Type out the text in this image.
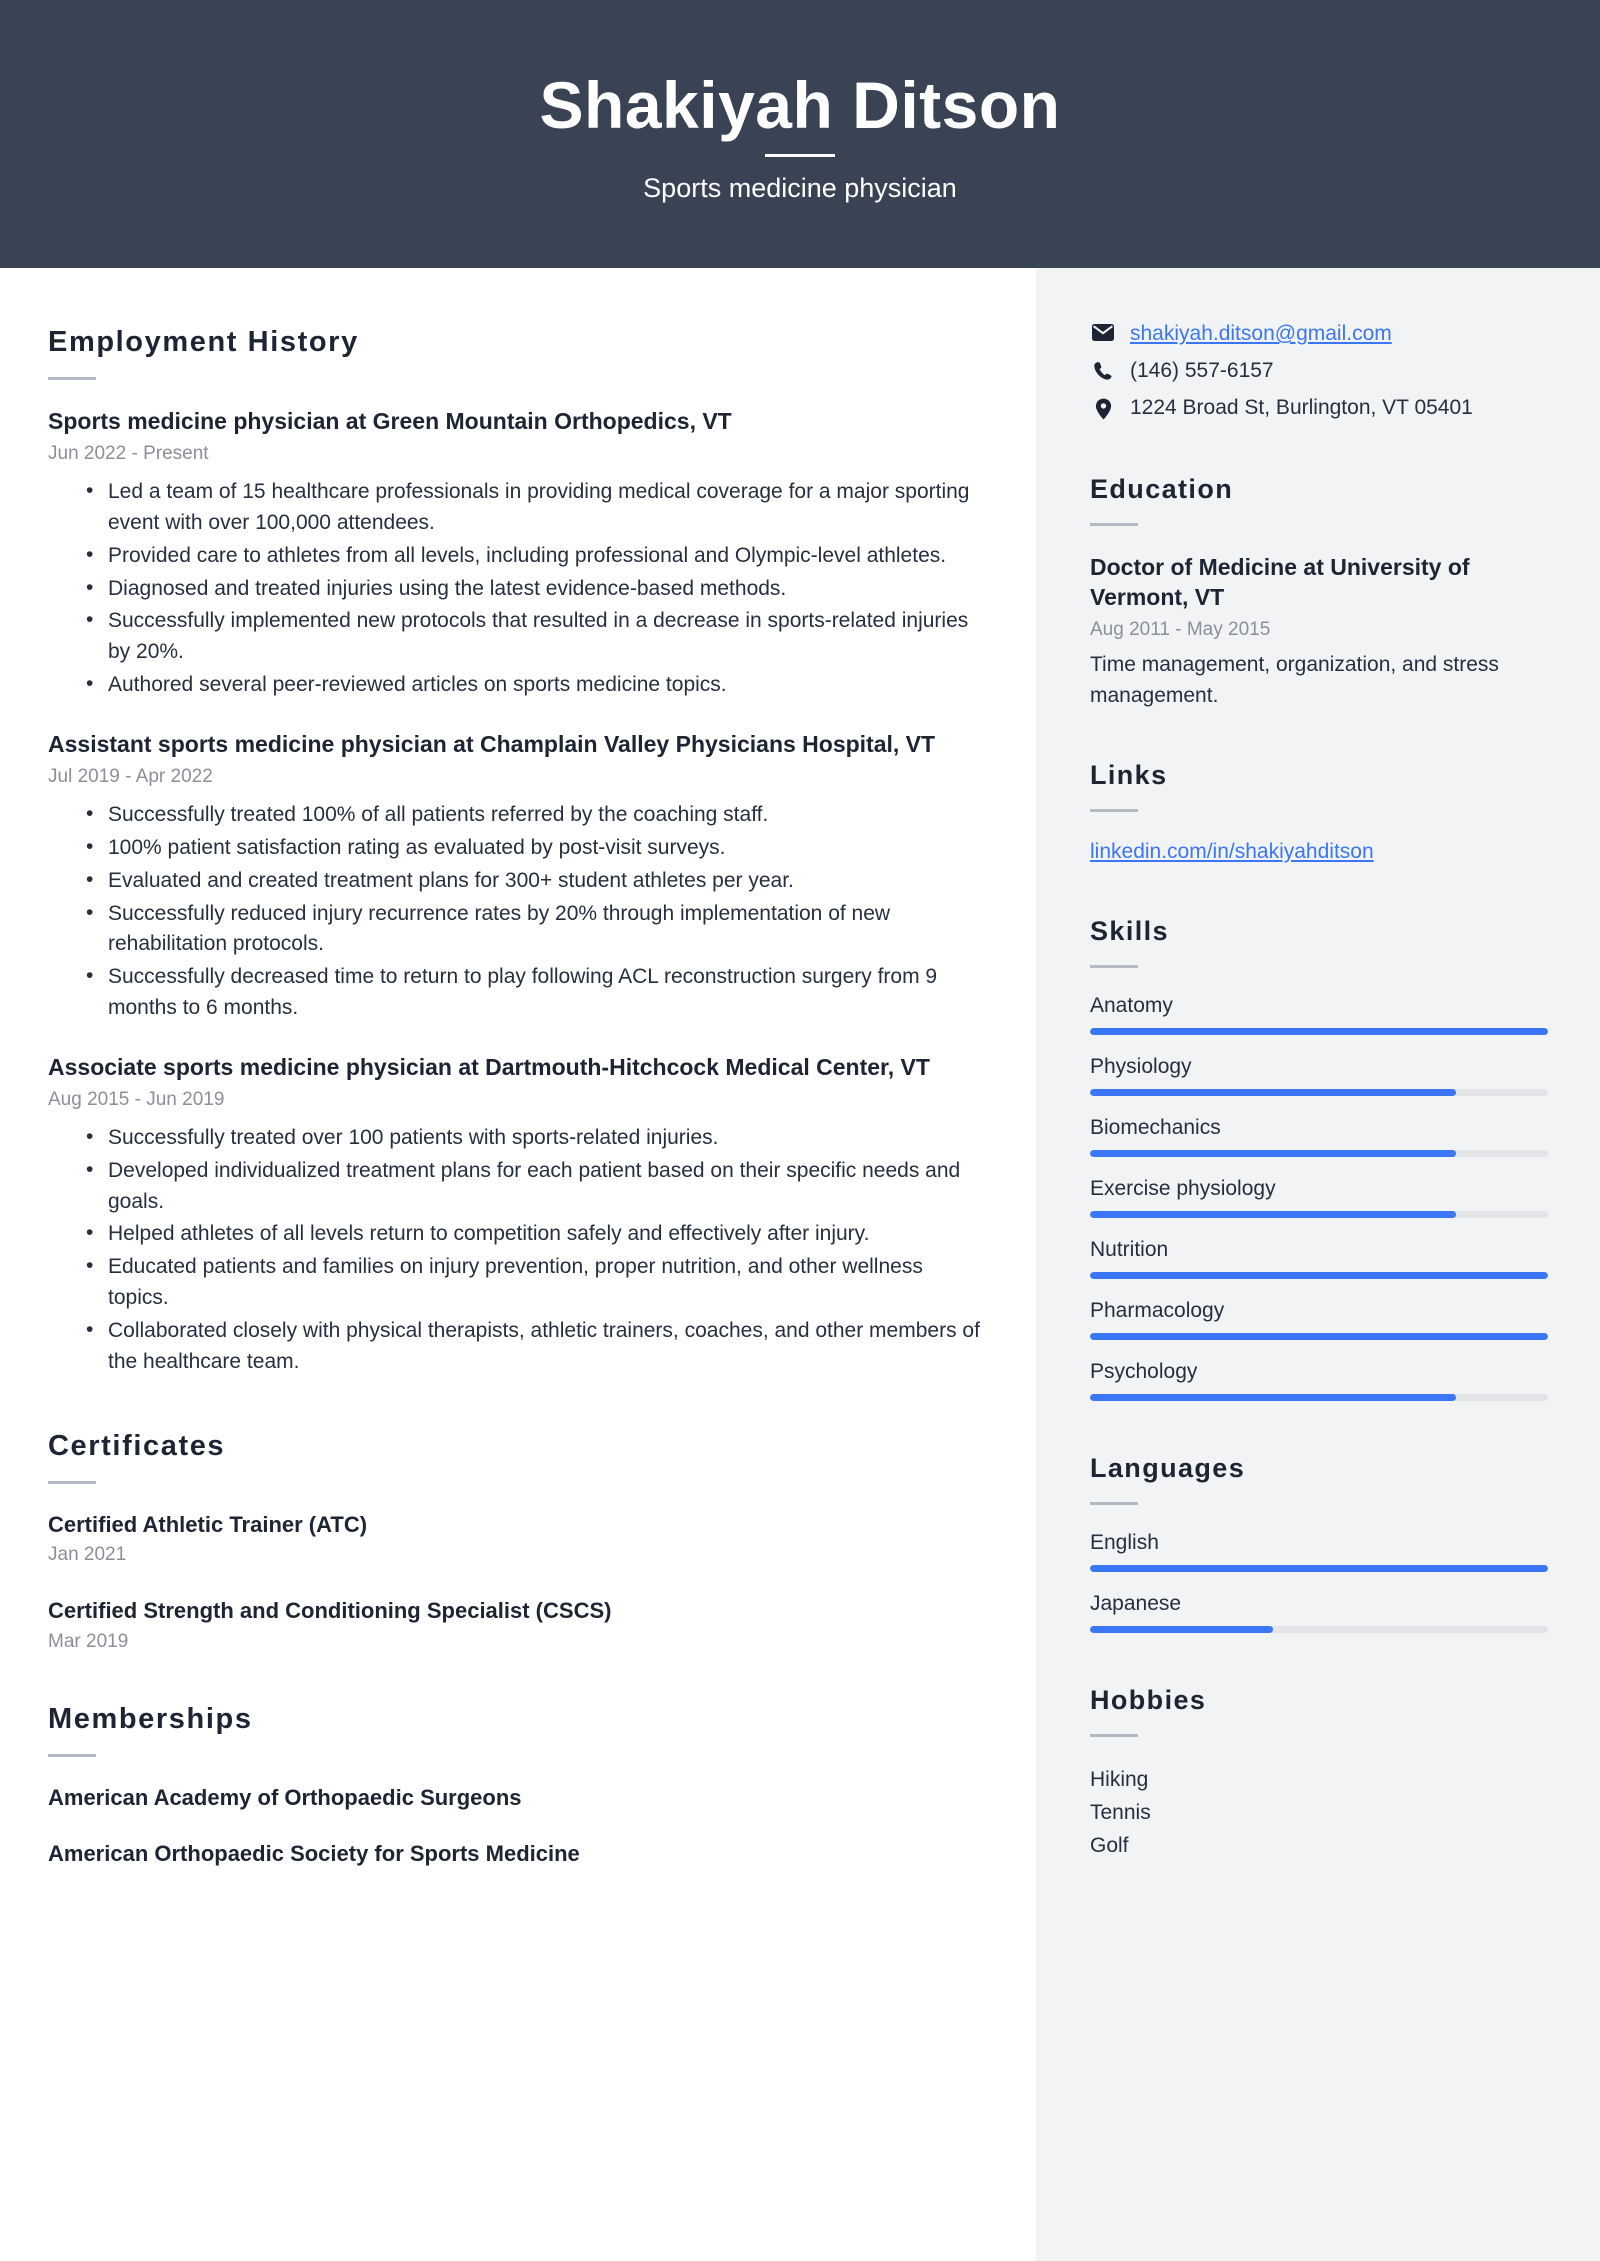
Shakiyah Ditson
Sports medicine physician
Employment History
Sports medicine physician at Green Mountain Orthopedics, VT
Jun 2022 - Present
• Led a team of 15 healthcare professionals in providing medical coverage for a major sporting event with over 100,000 attendees.
• Provided care to athletes from all levels, including professional and Olympic-level athletes.
• Diagnosed and treated injuries using the latest evidence-based methods.
• Successfully implemented new protocols that resulted in a decrease in sports-related injuries by 20%.
• Authored several peer-reviewed articles on sports medicine topics.
Assistant sports medicine physician at Champlain Valley Physicians Hospital, VT
Jul 2019 - Apr 2022
• Successfully treated 100% of all patients referred by the coaching staff.
• 100% patient satisfaction rating as evaluated by post-visit surveys.
• Evaluated and created treatment plans for 300+ student athletes per year.
• Successfully reduced injury recurrence rates by 20% through implementation of new rehabilitation protocols.
• Successfully decreased time to return to play following ACL reconstruction surgery from 9 months to 6 months.
Associate sports medicine physician at Dartmouth-Hitchcock Medical Center, VT
Aug 2015 - Jun 2019
• Successfully treated over 100 patients with sports-related injuries.
• Developed individualized treatment plans for each patient based on their specific needs and goals.
• Helped athletes of all levels return to competition safely and effectively after injury.
• Educated patients and families on injury prevention, proper nutrition, and other wellness topics.
• Collaborated closely with physical therapists, athletic trainers, coaches, and other members of the healthcare team.
Certificates
Certified Athletic Trainer (ATC)
Jan 2021
Certified Strength and Conditioning Specialist (CSCS)
Mar 2019
Memberships
American Academy of Orthopaedic Surgeons
American Orthopaedic Society for Sports Medicine
shakiyah.ditson@gmail.com
(146) 557-6157
1224 Broad St, Burlington, VT 05401
Education
Doctor of Medicine at University of Vermont, VT
Aug 2011 - May 2015
Time management, organization, and stress management.
Links
linkedin.com/in/shakiyahditson
Skills
Anatomy
Physiology
Biomechanics
Exercise physiology
Nutrition
Pharmacology
Psychology
Languages
English
Japanese
Hobbies
Hiking
Tennis
Golf
